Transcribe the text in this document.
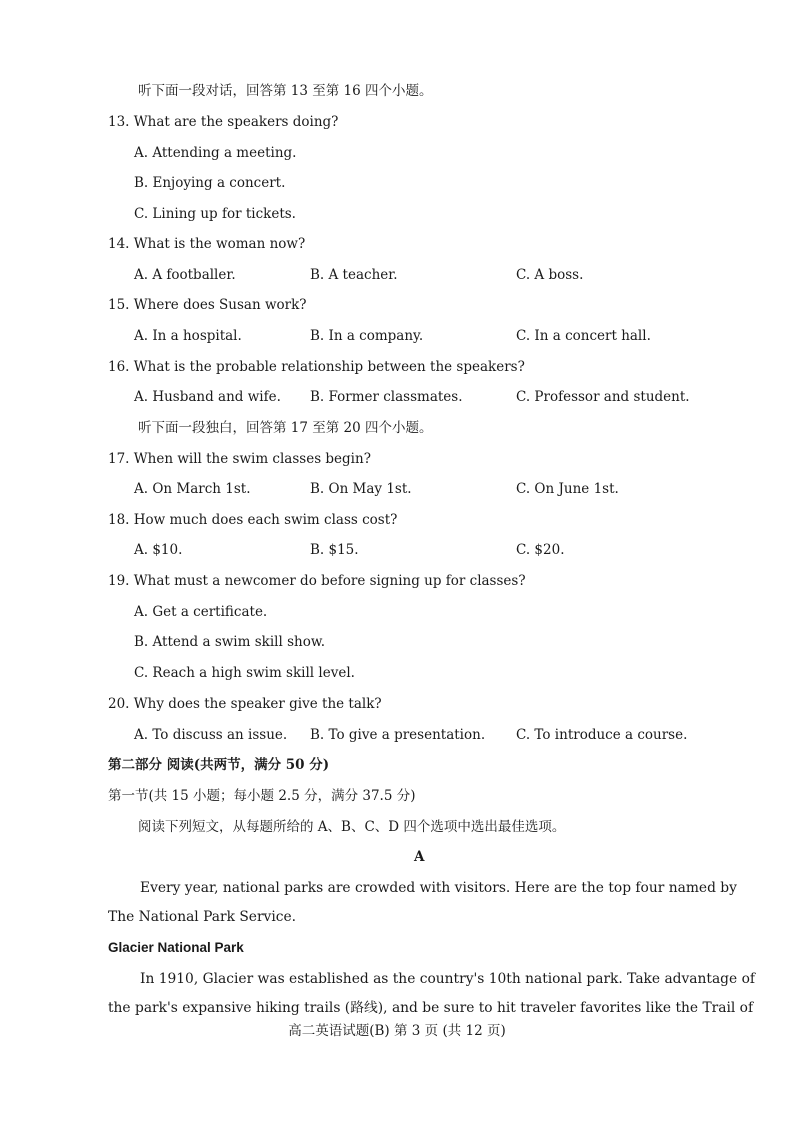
听下面一段对话，回答第 13 至第 16 四个小题。
13. What are the speakers doing?
A. Attending a meeting.
B. Enjoying a concert.
C. Lining up for tickets.
14. What is the woman now?
A. A footballer.	B. A teacher.	C. A boss.
15. Where does Susan work?
A. In a hospital.	B. In a company.	C. In a concert hall.
16. What is the probable relationship between the speakers?
A. Husband and wife. B. Former classmates.	C. Professor and student.
听下面一段独白，回答第 17 至第 20 四个小题。
17. When will the swim classes begin?
A. On March 1st.	B. On May 1st.	C. On June 1st.
18. How much does each swim class cost?
A. $10.	B. $15.	C. $20.
19. What must a newcomer do before signing up for classes?
A. Get a certificate.
B. Attend a swim skill show.
C. Reach a high swim skill level.
20. Why does the speaker give the talk?
A. To discuss an issue. B. To give a presentation. C. To introduce a course.
第二部分 阅读(共两节，满分 50 分)
第一节(共 15 小题；每小题 2.5 分，满分 37.5 分)
阅读下列短文，从每题所给的 A、B、C、D 四个选项中选出最佳选项。
A
Every year, national parks are crowded with visitors. Here are the top four named by
The National Park Service.
Glacier National Park
In 1910, Glacier was established as the country's 10th national park. Take advantage of
the park's expansive hiking trails (路线), and be sure to hit traveler favorites like the Trail of
高二英语试题(B) 第 3 页 (共 12 页)
